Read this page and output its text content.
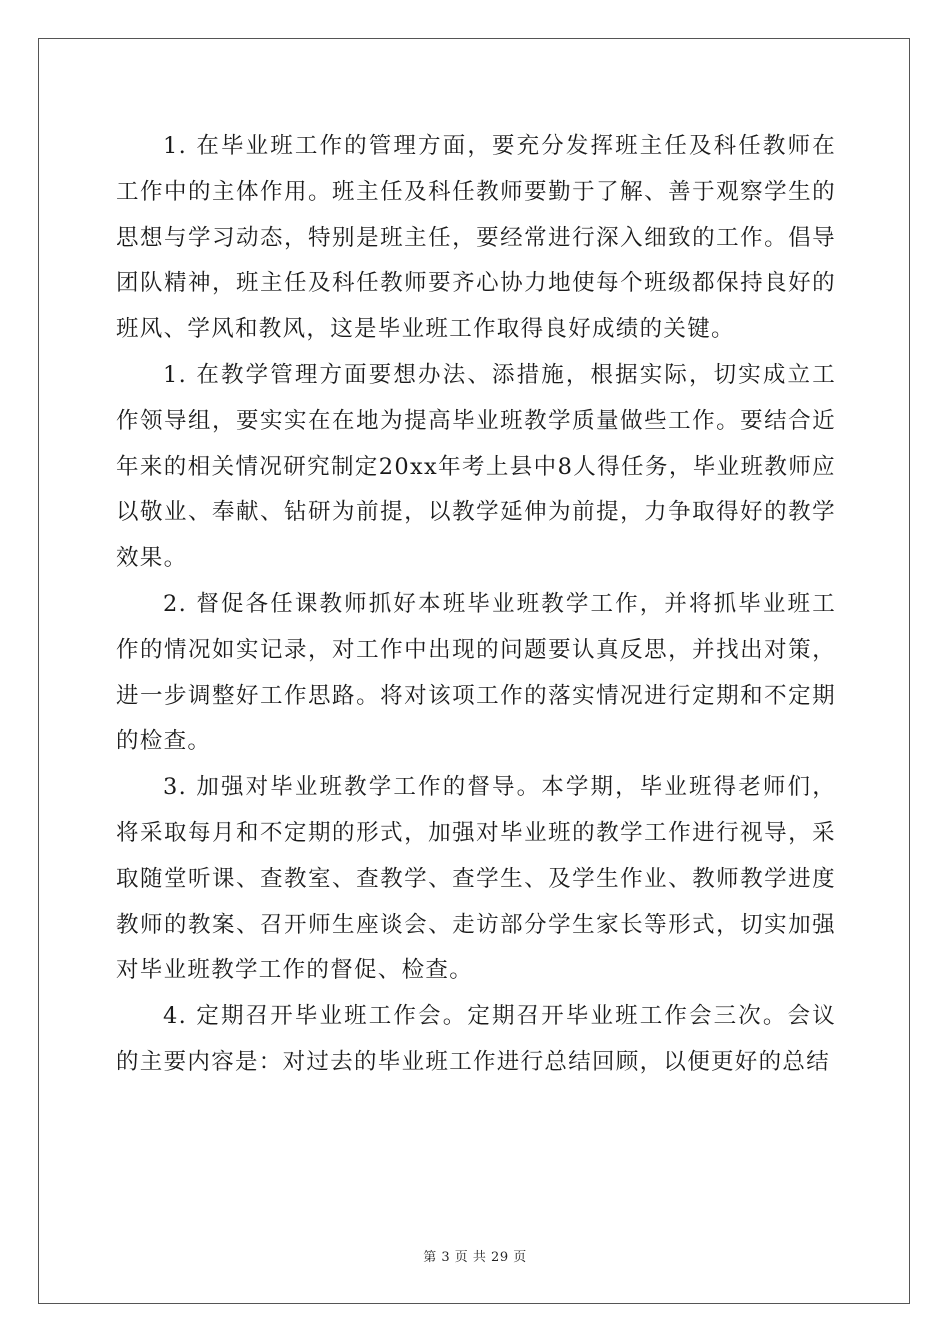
1. 在毕业班工作的管理方面，要充分发挥班主任及科任教师在工作中的主体作用。班主任及科任教师要勤于了解、善于观察学生的思想与学习动态，特别是班主任，要经常进行深入细致的工作。倡导团队精神，班主任及科任教师要齐心协力地使每个班级都保持良好的班风、学风和教风，这是毕业班工作取得良好成绩的关键。

1. 在教学管理方面要想办法、添措施，根据实际，切实成立工作领导组，要实实在在地为提高毕业班教学质量做些工作。要结合近年来的相关情况研究制定20xx年考上县中8人得任务，毕业班教师应以敬业、奉献、钻研为前提，以教学延伸为前提，力争取得好的教学效果。

2. 督促各任课教师抓好本班毕业班教学工作，并将抓毕业班工作的情况如实记录，对工作中出现的问题要认真反思，并找出对策，进一步调整好工作思路。将对该项工作的落实情况进行定期和不定期的检查。

3. 加强对毕业班教学工作的督导。本学期，毕业班得老师们，将采取每月和不定期的形式，加强对毕业班的教学工作进行视导，采取随堂听课、查教室、查教学、查学生、及学生作业、教师教学进度教师的教案、召开师生座谈会、走访部分学生家长等形式，切实加强对毕业班教学工作的督促、检查。

4. 定期召开毕业班工作会。定期召开毕业班工作会三次。会议的主要内容是：对过去的毕业班工作进行总结回顾，以便更好的总结

第 3 页 共 29 页
